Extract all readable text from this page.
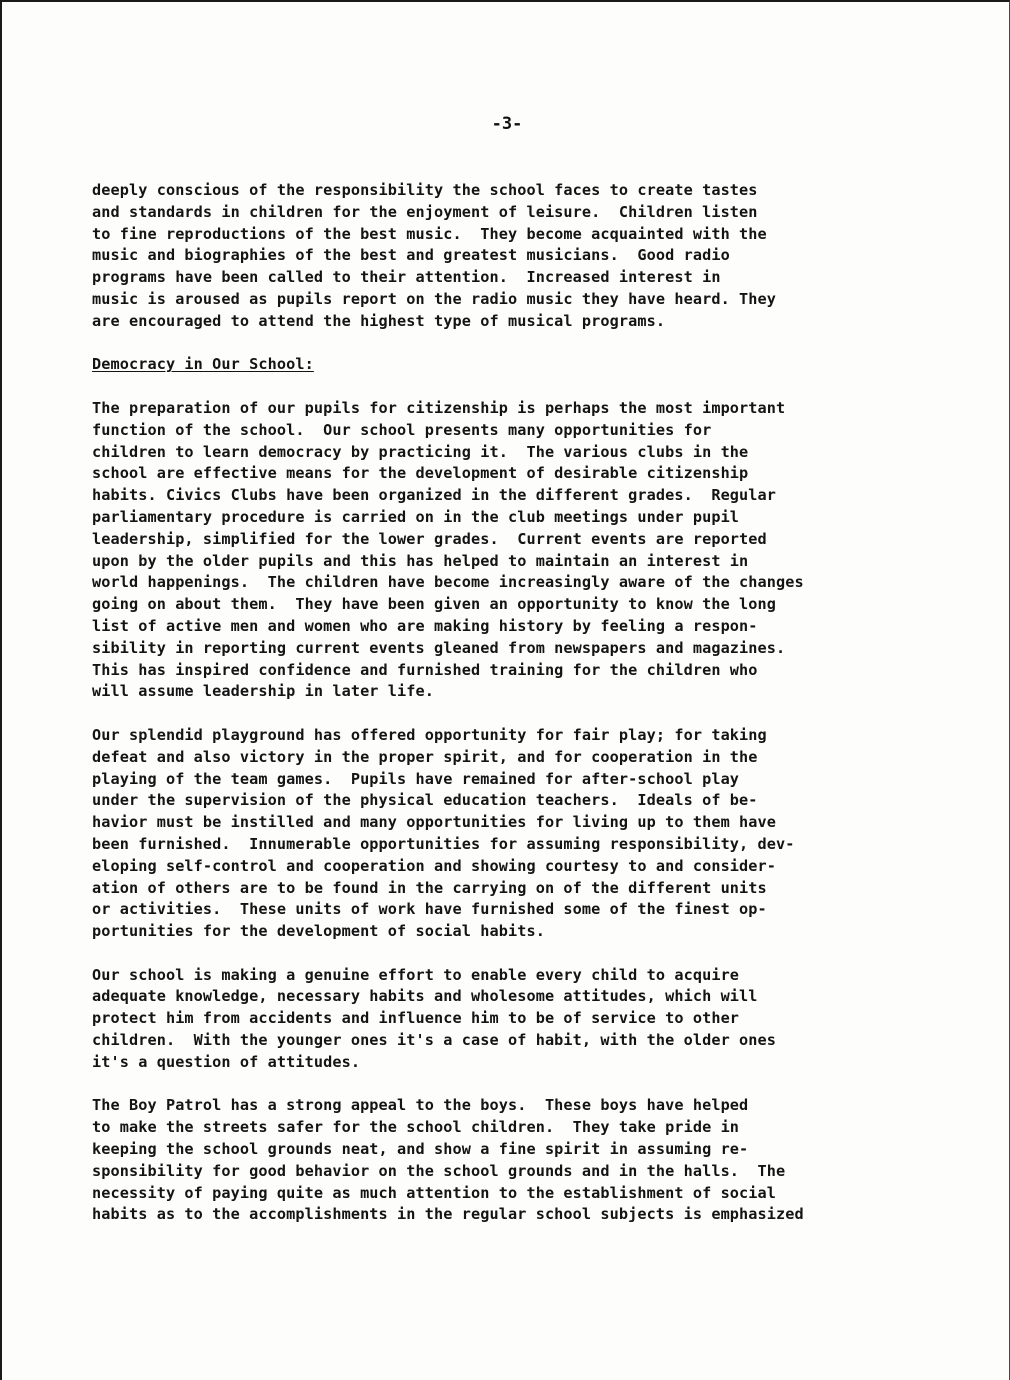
-3-
deeply conscious of the responsibility the school faces to create tastes
and standards in children for the enjoyment of leisure.  Children listen
to fine reproductions of the best music.  They become acquainted with the
music and biographies of the best and greatest musicians.  Good radio
programs have been called to their attention.  Increased interest in
music is aroused as pupils report on the radio music they have heard. They
are encouraged to attend the highest type of musical programs.
Democracy in Our School:
The preparation of our pupils for citizenship is perhaps the most important
function of the school.  Our school presents many opportunities for
children to learn democracy by practicing it.  The various clubs in the
school are effective means for the development of desirable citizenship
habits. Civics Clubs have been organized in the different grades.  Regular
parliamentary procedure is carried on in the club meetings under pupil
leadership, simplified for the lower grades.  Current events are reported
upon by the older pupils and this has helped to maintain an interest in
world happenings.  The children have become increasingly aware of the changes
going on about them.  They have been given an opportunity to know the long
list of active men and women who are making history by feeling a respon-
sibility in reporting current events gleaned from newspapers and magazines.
This has inspired confidence and furnished training for the children who
will assume leadership in later life.
Our splendid playground has offered opportunity for fair play; for taking
defeat and also victory in the proper spirit, and for cooperation in the
playing of the team games.  Pupils have remained for after-school play
under the supervision of the physical education teachers.  Ideals of be-
havior must be instilled and many opportunities for living up to them have
been furnished.  Innumerable opportunities for assuming responsibility, dev-
eloping self-control and cooperation and showing courtesy to and consider-
ation of others are to be found in the carrying on of the different units
or activities.  These units of work have furnished some of the finest op-
portunities for the development of social habits.
Our school is making a genuine effort to enable every child to acquire
adequate knowledge, necessary habits and wholesome attitudes, which will
protect him from accidents and influence him to be of service to other
children.  With the younger ones it's a case of habit, with the older ones
it's a question of attitudes.
The Boy Patrol has a strong appeal to the boys.  These boys have helped
to make the streets safer for the school children.  They take pride in
keeping the school grounds neat, and show a fine spirit in assuming re-
sponsibility for good behavior on the school grounds and in the halls.  The
necessity of paying quite as much attention to the establishment of social
habits as to the accomplishments in the regular school subjects is emphasized
